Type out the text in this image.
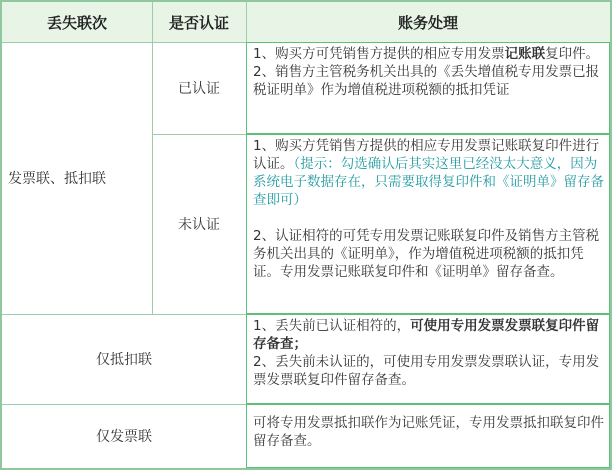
丢失联次	是否认证	账务处理
发票联、抵扣联
已认证

1、购买方可凭销售方提供的相应专用发票记账联复印件。

2、销售方主管税务机关出具的《丢失增值税专用发票已报税证明单》作为增值税进项税额的抵扣凭证

未认证

1、购买方凭销售方提供的相应专用发票记账联复印件进行认证。（提示：勾选确认后其实这里已经没太大意义，因为系统电子数据存在，只需要取得复印件和《证明单》留存备查即可）

2、认证相符的可凭专用发票记账联复印件及销售方主管税务机关出具的《证明单》，作为增值税进项税额的抵扣凭证。专用发票记账联复印件和《证明单》留存备查。

仅抵扣联

1、丢失前已认证相符的，可使用专用发票发票联复印件留存备查；

2、丢失前未认证的，可使用专用发票发票联认证，专用发票发票联复印件留存备查。

仅发票联
可将专用发票抵扣联作为记账凭证，专用发票抵扣联复印件留存备查。
